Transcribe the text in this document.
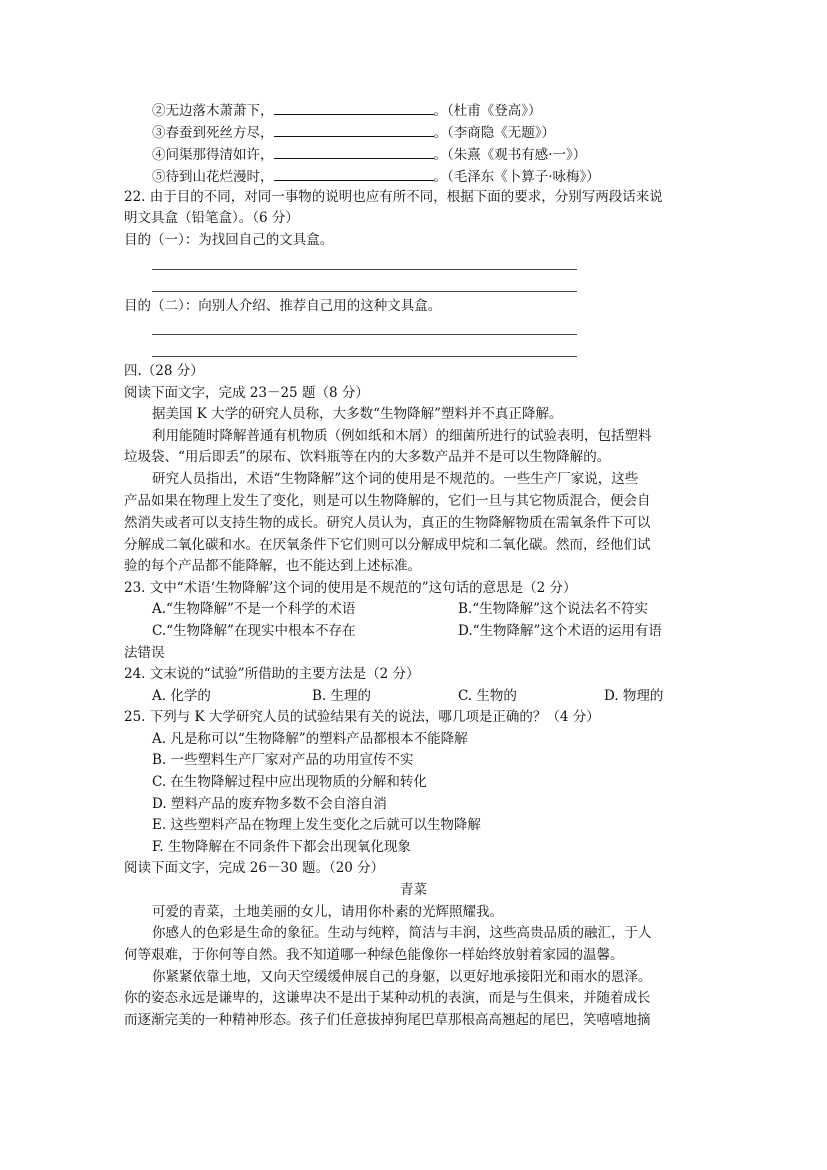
②无边落木萧萧下，	。（杜甫《登高》）
③春蚕到死丝方尽，	。（李商隐《无题》）
④问渠那得清如许，	。（朱熹《观书有感·一》）
⑤待到山花烂漫时，	。（毛泽东《卜算子·咏梅》）
22. 由于目的不同，对同一事物的说明也应有所不同，根据下面的要求，分别写两段话来说
明文具盒（铅笔盒）。（6 分）
目的（一）：为找回自己的文具盒。
目的（二）：向别人介绍、推荐自己用的这种文具盒。
四.（28 分）
阅读下面文字，完成 23－25 题（8 分）
据美国 K 大学的研究人员称，大多数“生物降解”塑料并不真正降解。
利用能随时降解普通有机物质（例如纸和木屑）的细菌所进行的试验表明，包括塑料
垃圾袋、“用后即丢”的尿布、饮料瓶等在内的大多数产品并不是可以生物降解的。
研究人员指出，术语“生物降解”这个词的使用是不规范的。一些生产厂家说，这些
产品如果在物理上发生了变化，则是可以生物降解的，它们一旦与其它物质混合，便会自
然消失或者可以支持生物的成长。研究人员认为，真正的生物降解物质在需氧条件下可以
分解成二氧化碳和水。在厌氧条件下它们则可以分解成甲烷和二氧化碳。然而，经他们试
验的每个产品都不能降解，也不能达到上述标准。
23. 文中“术语‘生物降解’这个词的使用是不规范的”这句话的意思是（2 分）
A.“生物降解”不是一个科学的术语	B.“生物降解”这个说法名不符实
C.“生物降解”在现实中根本不存在	D.“生物降解”这个术语的运用有语
法错误
24. 文末说的“试验”所借助的主要方法是（2 分）
A. 化学的	B. 生理的	C. 生物的	D. 物理的
25. 下列与 K 大学研究人员的试验结果有关的说法，哪几项是正确的？（4 分）
A. 凡是称可以“生物降解”的塑料产品都根本不能降解
B. 一些塑料生产厂家对产品的功用宣传不实
C. 在生物降解过程中应出现物质的分解和转化
D. 塑料产品的废弃物多数不会自溶自消
E. 这些塑料产品在物理上发生变化之后就可以生物降解
F. 生物降解在不同条件下都会出现氧化现象
阅读下面文字，完成 26－30 题。（20 分）
青菜
可爱的青菜，土地美丽的女儿，请用你朴素的光辉照耀我。
你感人的色彩是生命的象征。生动与纯粹，简洁与丰润，这些高贵品质的融汇，于人
何等艰难，于你何等自然。我不知道哪一种绿色能像你一样始终放射着家园的温馨。
你紧紧依靠土地，又向天空缓缓伸展自己的身躯，以更好地承接阳光和雨水的恩泽。
你的姿态永远是谦卑的，这谦卑决不是出于某种动机的表演，而是与生俱来，并随着成长
而逐渐完美的一种精神形态。孩子们任意拔掉狗尾巴草那根高高翘起的尾巴，笑嘻嘻地摘
